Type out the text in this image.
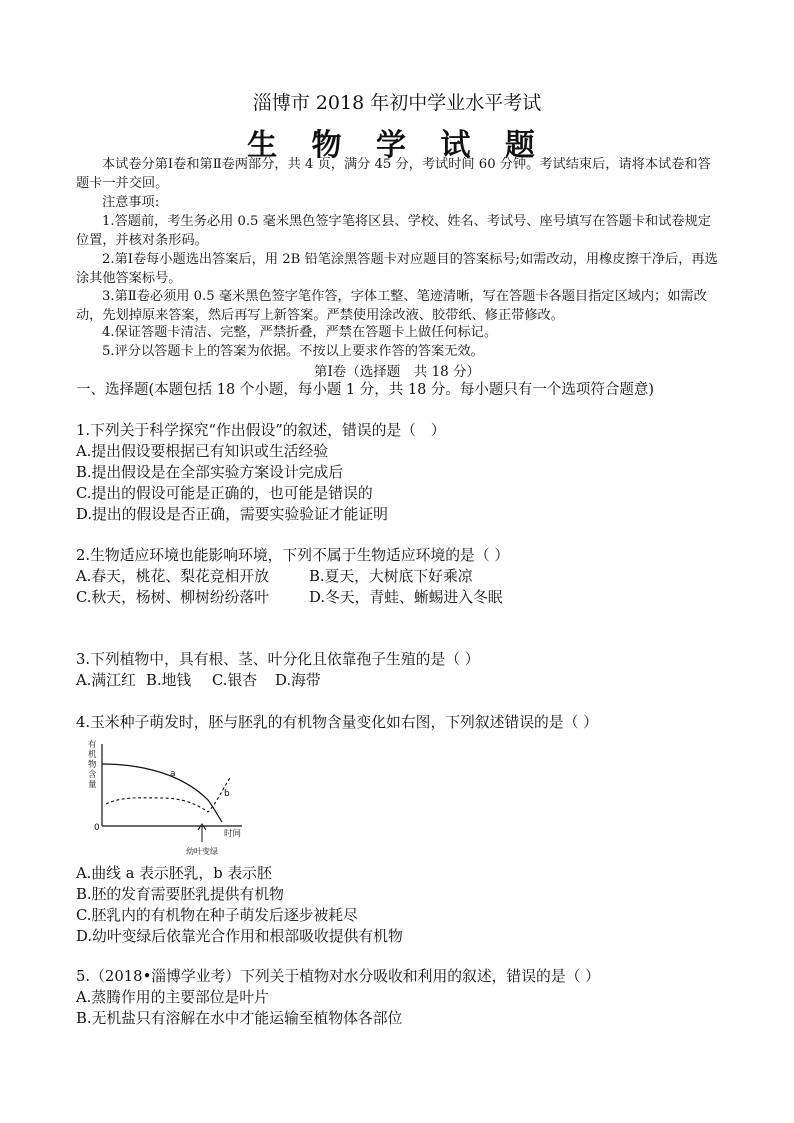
淄博市 2018 年初中学业水平考试
生 物 学 试 题
本试卷分第Ⅰ卷和第Ⅱ卷两部分，共 4 页，满分 45 分，考试时间 60 分钟。考试结束后，请将本试卷和答题卡一并交回。
注意事项:
1.答题前，考生务必用 0.5 毫米黑色签字笔将区县、学校、姓名、考试号、座号填写在答题卡和试卷规定位置，并核对条形码。
2.第Ⅰ卷每小题选出答案后，用 2B 铅笔涂黑答题卡对应题目的答案标号;如需改动，用橡皮擦干净后，再选涂其他答案标号。
3.第Ⅱ卷必须用 0.5 毫米黑色签字笔作答，字体工整、笔迹清晰，写在答题卡各题目指定区域内；如需改动，先划掉原来答案，然后再写上新答案。严禁使用涂改液、胶带纸、修正带修改。
4.保证答题卡清洁、完整，严禁折叠，严禁在答题卡上做任何标记。
5.评分以答题卡上的答案为依据。不按以上要求作答的答案无效。
第Ⅰ卷（选择题　共 18 分）
一、选择题(本题包括 18 个小题，每小题 1 分，共 18 分。每小题只有一个选项符合题意)
1.下列关于科学探究“作出假设”的叙述，错误的是（　）
A.提出假设要根据已有知识或生活经验
B.提出假设是在全部实验方案设计完成后
C.提出的假设可能是正确的，也可能是错误的
D.提出的假设是否正确，需要实验验证才能证明
2.生物适应环境也能影响环境，下列不属于生物适应环境的是（ ）
A.春天，桃花、梨花竞相开放	B.夏天，大树底下好乘凉
C.秋天，杨树、柳树纷纷落叶	D.冬天，青蛙、蜥蜴进入冬眠
3.下列植物中，具有根、茎、叶分化且依靠孢子生殖的是（ ）
A.满江红 B.地钱 C.银杏 D.海带
4.玉米种子萌发时，胚与胚乳的有机物含量变化如右图，下列叙述错误的是（ ）
有
机
物
含
量
0
时间
a
b
幼叶变绿
A.曲线 a 表示胚乳，b 表示胚
B.胚的发育需要胚乳提供有机物
C.胚乳内的有机物在种子萌发后逐步被耗尽
D.幼叶变绿后依靠光合作用和根部吸收提供有机物
5.（2018•淄博学业考）下列关于植物对水分吸收和利用的叙述，错误的是（ ）
A.蒸腾作用的主要部位是叶片
B.无机盐只有溶解在水中才能运输至植物体各部位
